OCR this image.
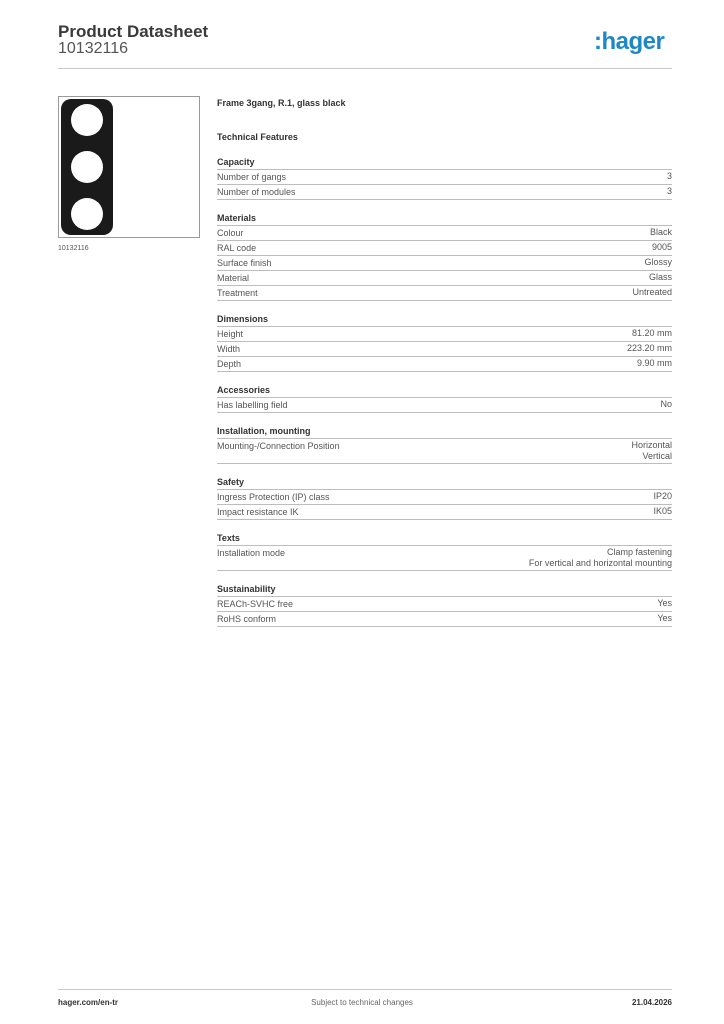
Product Datasheet
10132116	:hager
10132116
Frame 3gang, R.1, glass black
Technical Features
Capacity
Number of gangs	3
Number of modules	3
Materials
Colour	Black
RAL code	9005
Surface finish	Glossy
Material	Glass
Treatment	Untreated
Dimensions
Height	81.20 mm
Width	223.20 mm
Depth	9.90 mm
Accessories
Has labelling field	No
Installation, mounting
Mounting-/Connection Position	Horizontal
Vertical
Safety
Ingress Protection (IP) class	IP20
Impact resistance IK	IK05
Texts
Installation mode	Clamp fastening
For vertical and horizontal mounting
Sustainability
REACh-SVHC free	Yes
RoHS conform	Yes
hager.com/en-tr	Subject to technical changes	21.04.2026
